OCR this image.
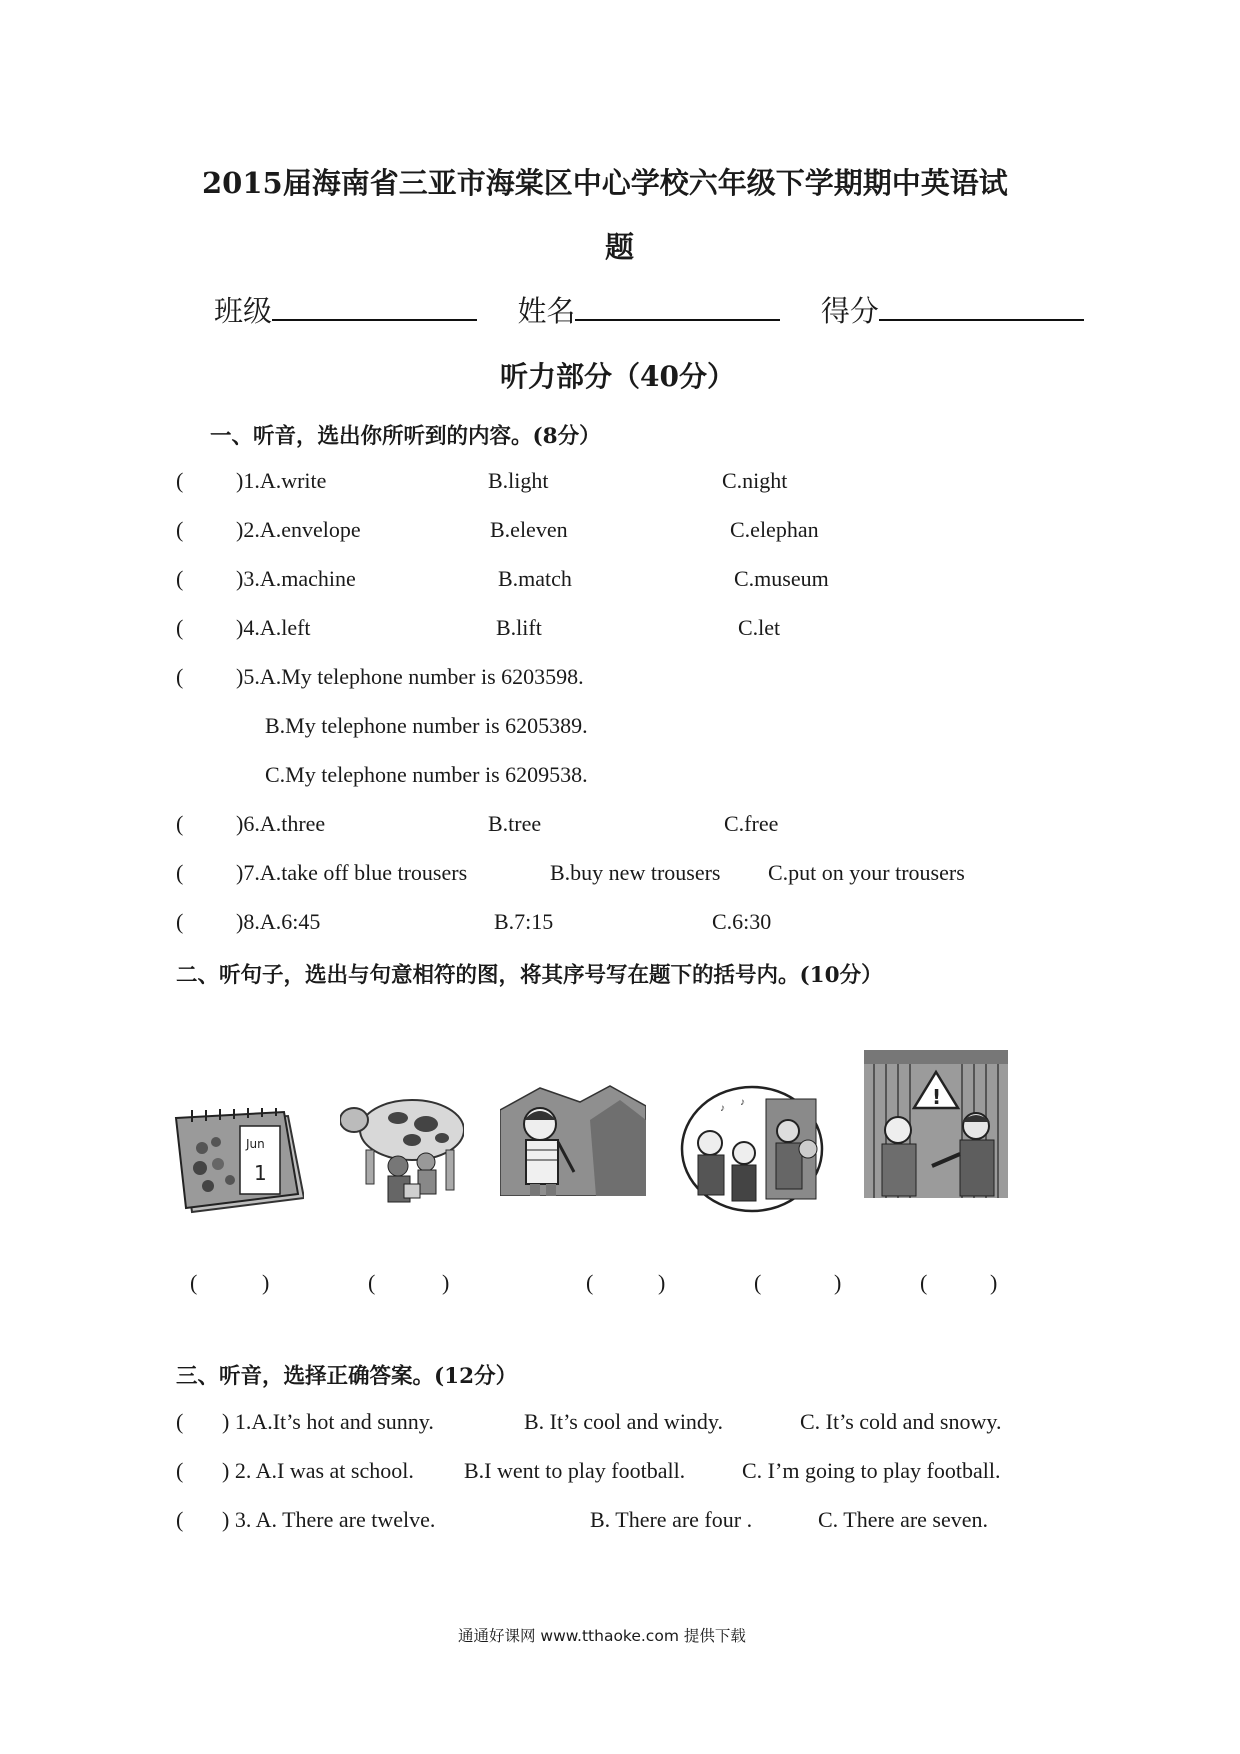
2015届海南省三亚市海棠区中心学校六年级下学期期中英语试
题
班级	姓名	得分
听力部分（40分）
一、听音，选出你所听到的内容。(8分）
( )1.A.write	B.light	C.night
( )2.A.envelope	B.eleven	C.elephan
( )3.A.machine	B.match	C.museum
( )4.A.left	B.lift	C.let
( )5.A.My telephone number is 6203598.
B.My telephone number is 6205389.
C.My telephone number is 6209538.
( )6.A.three	B.tree	C.free
( )7.A.take off blue trousers	B.buy new trousers C.put on your trousers
( )8.A.6:45	B.7:15	C.6:30
二、听句子，选出与句意相符的图，将其序号写在题下的括号内。(10分）
Jun
1
♪
♪	!
(	)	(	)	(	)	(	)	(	)
三、听音，选择正确答案。(12分）
( ) 1.A.It’s hot and sunny.	B. It’s cool and windy.	C. It’s cold and snowy.
( ) 2. A.I was at school. B.I went to play football.	C. I’m going to play football.
( ) 3. A. There are twelve.	B. There are four .	C. There are seven.
通通好课网 www.tthaoke.com 提供下载
